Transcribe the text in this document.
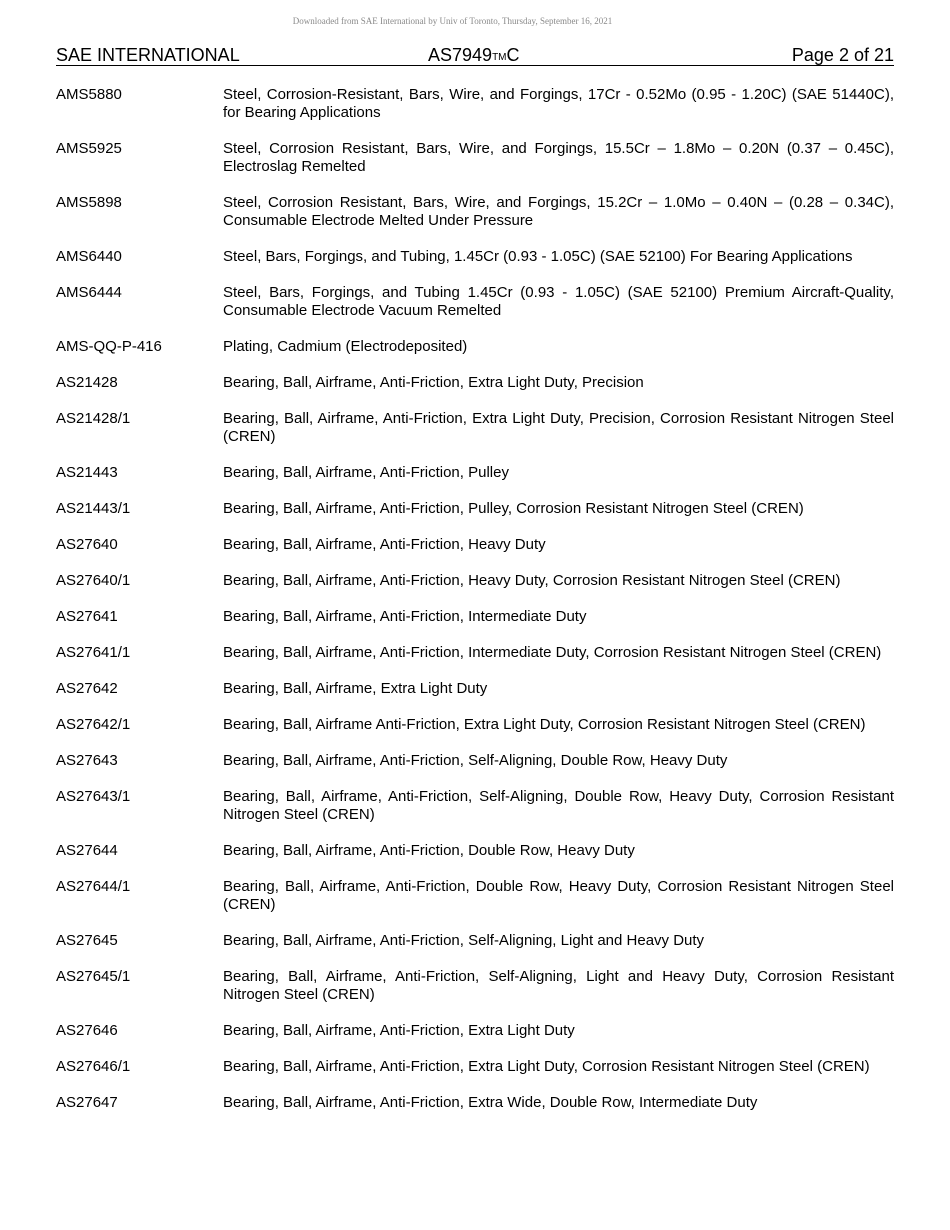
Downloaded from SAE International by Univ of Toronto, Thursday, September 16, 2021
SAE INTERNATIONAL	AS7949TMC	Page 2 of 21
AMS5880	Steel, Corrosion-Resistant, Bars, Wire, and Forgings, 17Cr - 0.52Mo (0.95 - 1.20C) (SAE 51440C), for Bearing Applications
AMS5925	Steel, Corrosion Resistant, Bars, Wire, and Forgings, 15.5Cr – 1.8Mo – 0.20N (0.37 – 0.45C), Electroslag Remelted
AMS5898	Steel, Corrosion Resistant, Bars, Wire, and Forgings, 15.2Cr – 1.0Mo – 0.40N – (0.28 – 0.34C), Consumable Electrode Melted Under Pressure
AMS6440	Steel, Bars, Forgings, and Tubing, 1.45Cr (0.93 - 1.05C) (SAE 52100) For Bearing Applications
AMS6444	Steel, Bars, Forgings, and Tubing 1.45Cr (0.93 - 1.05C) (SAE 52100) Premium Aircraft-Quality, Consumable Electrode Vacuum Remelted
AMS-QQ-P-416	Plating, Cadmium (Electrodeposited)
AS21428	Bearing, Ball, Airframe, Anti-Friction, Extra Light Duty, Precision
AS21428/1	Bearing, Ball, Airframe, Anti-Friction, Extra Light Duty, Precision, Corrosion Resistant Nitrogen Steel (CREN)
AS21443	Bearing, Ball, Airframe, Anti-Friction, Pulley
AS21443/1	Bearing, Ball, Airframe, Anti-Friction, Pulley, Corrosion Resistant Nitrogen Steel (CREN)
AS27640	Bearing, Ball, Airframe, Anti-Friction, Heavy Duty
AS27640/1	Bearing, Ball, Airframe, Anti-Friction, Heavy Duty, Corrosion Resistant Nitrogen Steel (CREN)
AS27641	Bearing, Ball, Airframe, Anti-Friction, Intermediate Duty
AS27641/1	Bearing, Ball, Airframe, Anti-Friction, Intermediate Duty, Corrosion Resistant Nitrogen Steel (CREN)
AS27642	Bearing, Ball, Airframe, Extra Light Duty
AS27642/1	Bearing, Ball, Airframe Anti-Friction, Extra Light Duty, Corrosion Resistant Nitrogen Steel (CREN)
AS27643	Bearing, Ball, Airframe, Anti-Friction, Self-Aligning, Double Row, Heavy Duty
AS27643/1	Bearing, Ball, Airframe, Anti-Friction, Self-Aligning, Double Row, Heavy Duty, Corrosion Resistant Nitrogen Steel (CREN)
AS27644	Bearing, Ball, Airframe, Anti-Friction, Double Row, Heavy Duty
AS27644/1	Bearing, Ball, Airframe, Anti-Friction, Double Row, Heavy Duty, Corrosion Resistant Nitrogen Steel (CREN)
AS27645	Bearing, Ball, Airframe, Anti-Friction, Self-Aligning, Light and Heavy Duty
AS27645/1	Bearing, Ball, Airframe, Anti-Friction, Self-Aligning, Light and Heavy Duty, Corrosion Resistant Nitrogen Steel (CREN)
AS27646	Bearing, Ball, Airframe, Anti-Friction, Extra Light Duty
AS27646/1	Bearing, Ball, Airframe, Anti-Friction, Extra Light Duty, Corrosion Resistant Nitrogen Steel (CREN)
AS27647	Bearing, Ball, Airframe, Anti-Friction, Extra Wide, Double Row, Intermediate Duty
